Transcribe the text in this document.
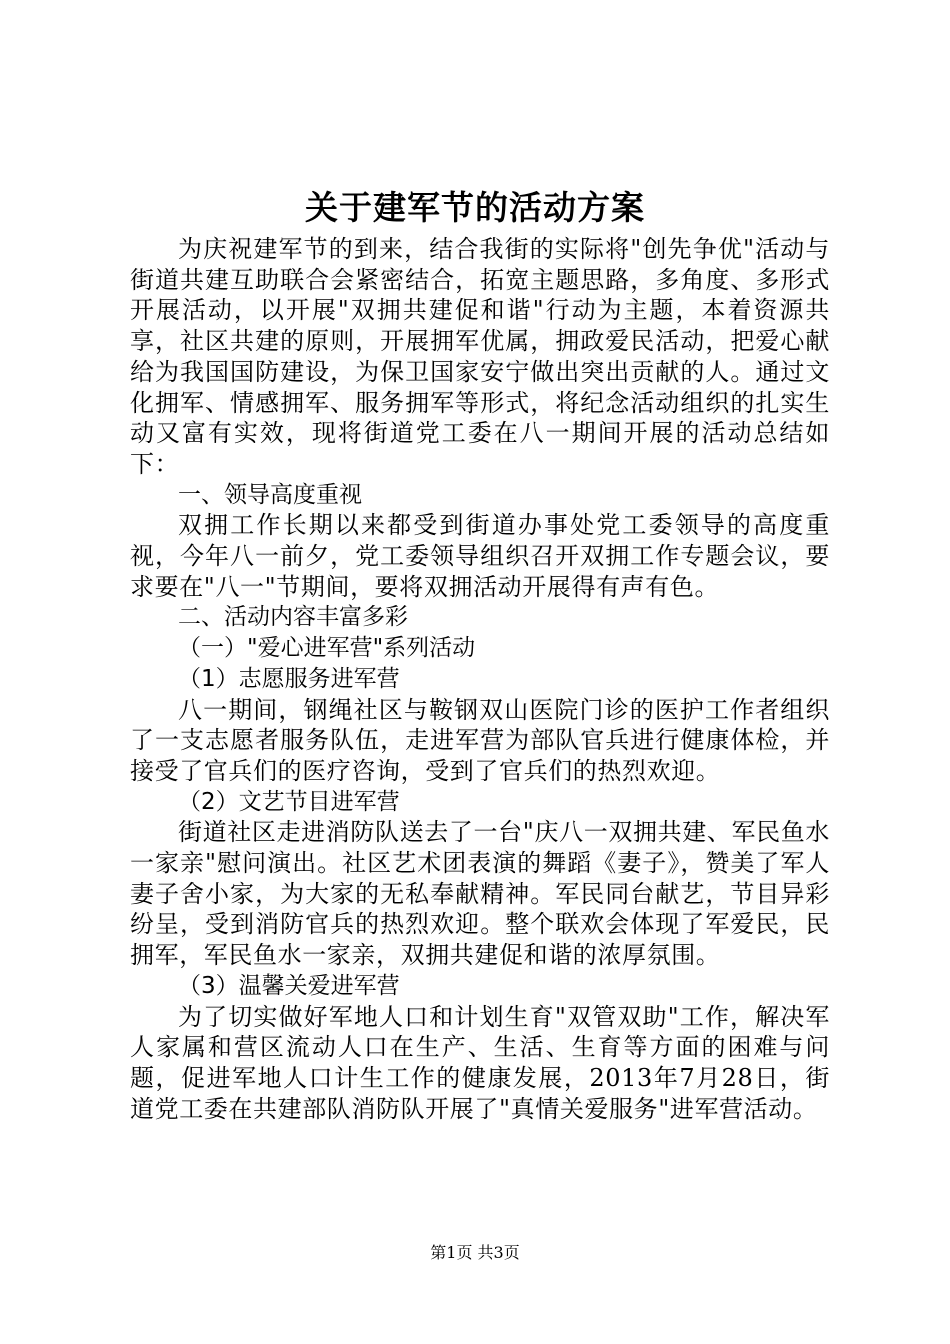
关于建军节的活动方案

为庆祝建军节的到来，结合我街的实际将"创先争优"活动与街道共建互助联合会紧密结合，拓宽主题思路，多角度、多形式开展活动，以开展"双拥共建促和谐"行动为主题，本着资源共享，社区共建的原则，开展拥军优属，拥政爱民活动，把爱心献给为我国国防建设，为保卫国家安宁做出突出贡献的人。通过文化拥军、情感拥军、服务拥军等形式，将纪念活动组织的扎实生动又富有实效，现将街道党工委在八一期间开展的活动总结如下：

一、领导高度重视

双拥工作长期以来都受到街道办事处党工委领导的高度重视，今年八一前夕，党工委领导组织召开双拥工作专题会议，要求要在"八一"节期间，要将双拥活动开展得有声有色。

二、活动内容丰富多彩

（一）"爱心进军营"系列活动

（1）志愿服务进军营

八一期间，钢绳社区与鞍钢双山医院门诊的医护工作者组织了一支志愿者服务队伍，走进军营为部队官兵进行健康体检，并接受了官兵们的医疗咨询，受到了官兵们的热烈欢迎。

（2）文艺节目进军营

街道社区走进消防队送去了一台"庆八一双拥共建、军民鱼水一家亲"慰问演出。社区艺术团表演的舞蹈《妻子》，赞美了军人妻子舍小家，为大家的无私奉献精神。军民同台献艺，节目异彩纷呈，受到消防官兵的热烈欢迎。整个联欢会体现了军爱民，民拥军，军民鱼水一家亲，双拥共建促和谐的浓厚氛围。

（3）温馨关爱进军营

为了切实做好军地人口和计划生育"双管双助"工作，解决军人家属和营区流动人口在生产、生活、生育等方面的困难与问题，促进军地人口计生工作的健康发展，2013年7月28日，街道党工委在共建部队消防队开展了"真情关爱服务"进军营活动。

第1页 共3页
